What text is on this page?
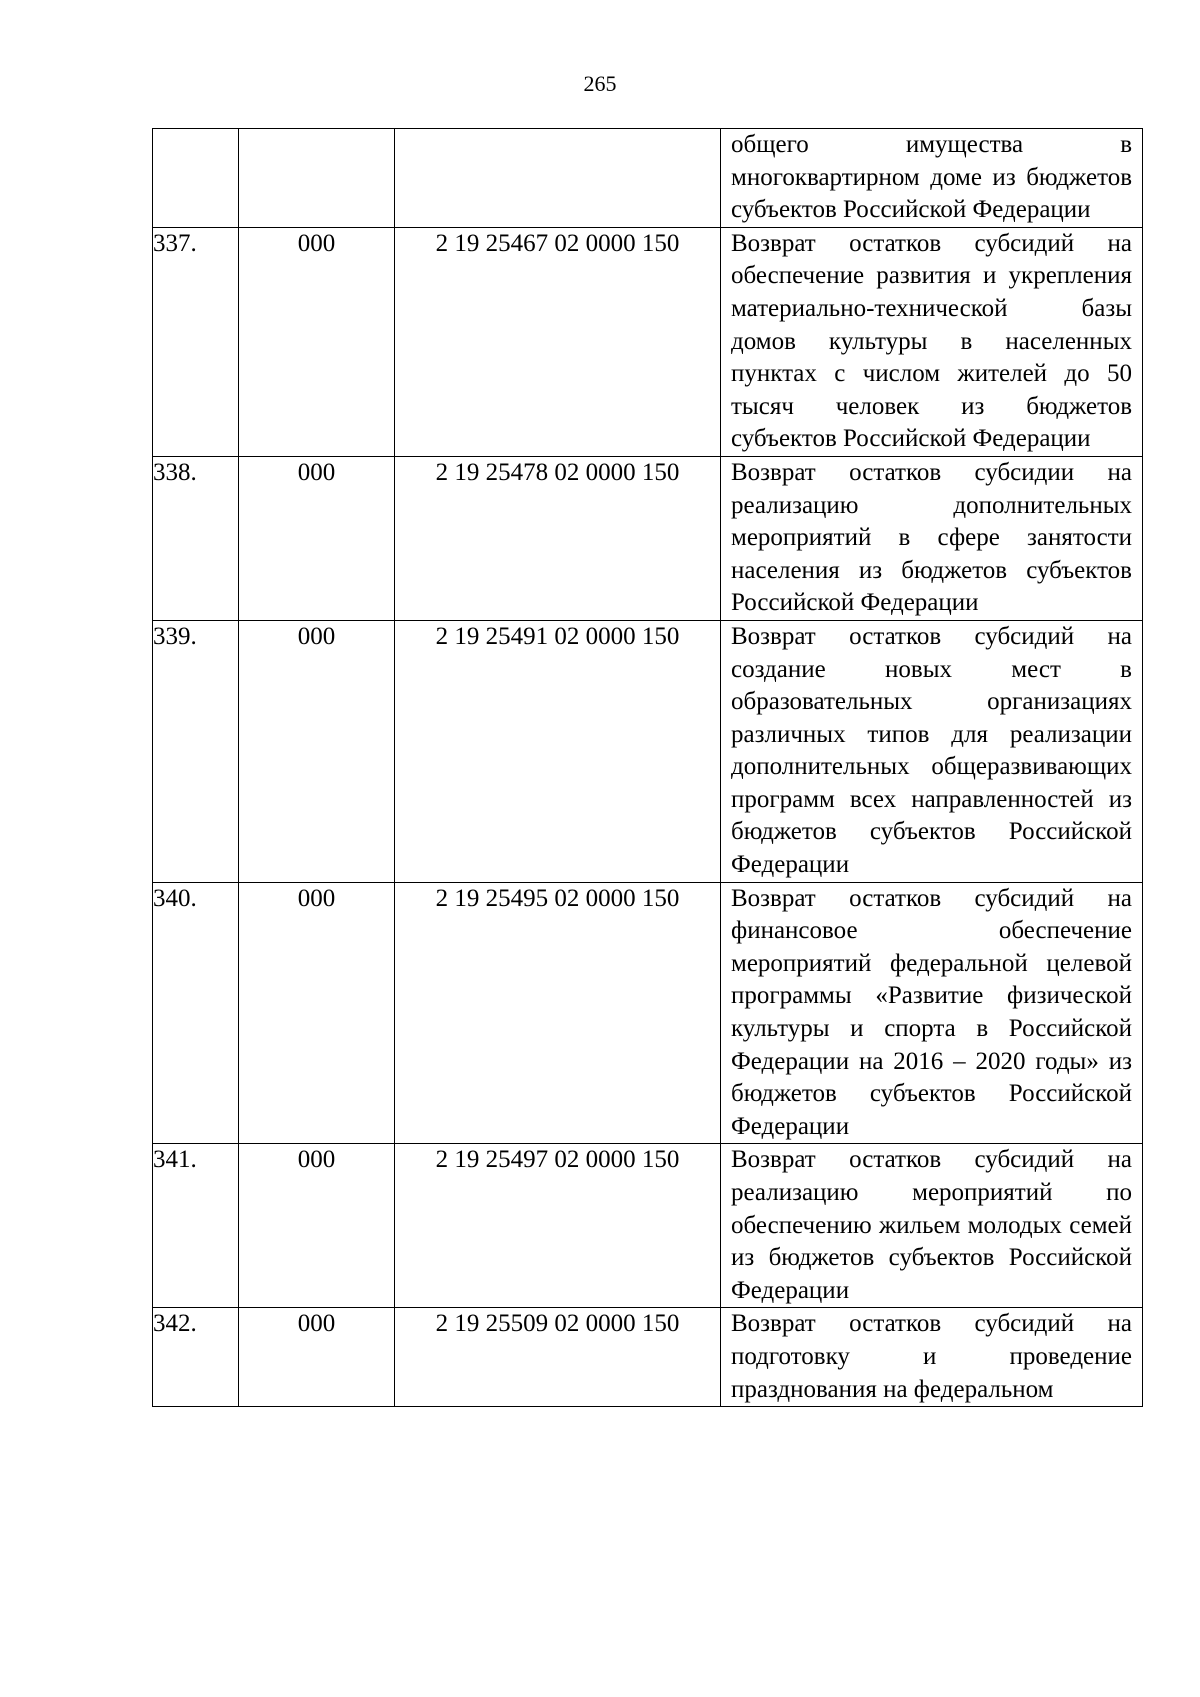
265

			общего имущества в многоквартирном доме из бюджетов субъектов Российской Федерации

337.	000	2 19 25467 02 0000 150	Возврат остатков субсидий на обеспечение развития и укрепления материально-технической базы домов культуры в населенных пунктах с числом жителей до 50 тысяч человек из бюджетов субъектов Российской Федерации

338.	000	2 19 25478 02 0000 150	Возврат остатков субсидии на реализацию дополнительных мероприятий в сфере занятости населения из бюджетов субъектов Российской Федерации

339.	000	2 19 25491 02 0000 150	Возврат остатков субсидий на создание новых мест в образовательных организациях различных типов для реализации дополнительных общеразвивающих программ всех направленностей из бюджетов субъектов Российской Федерации

340.	000	2 19 25495 02 0000 150	Возврат остатков субсидий на финансовое обеспечение мероприятий федеральной целевой программы «Развитие физической культуры и спорта в Российской Федерации на 2016 – 2020 годы» из бюджетов субъектов Российской Федерации

341.	000	2 19 25497 02 0000 150	Возврат остатков субсидий на реализацию мероприятий по обеспечению жильем молодых семей из бюджетов субъектов Российской Федерации

342.	000	2 19 25509 02 0000 150	Возврат остатков субсидий на подготовку и проведение празднования на федеральном
